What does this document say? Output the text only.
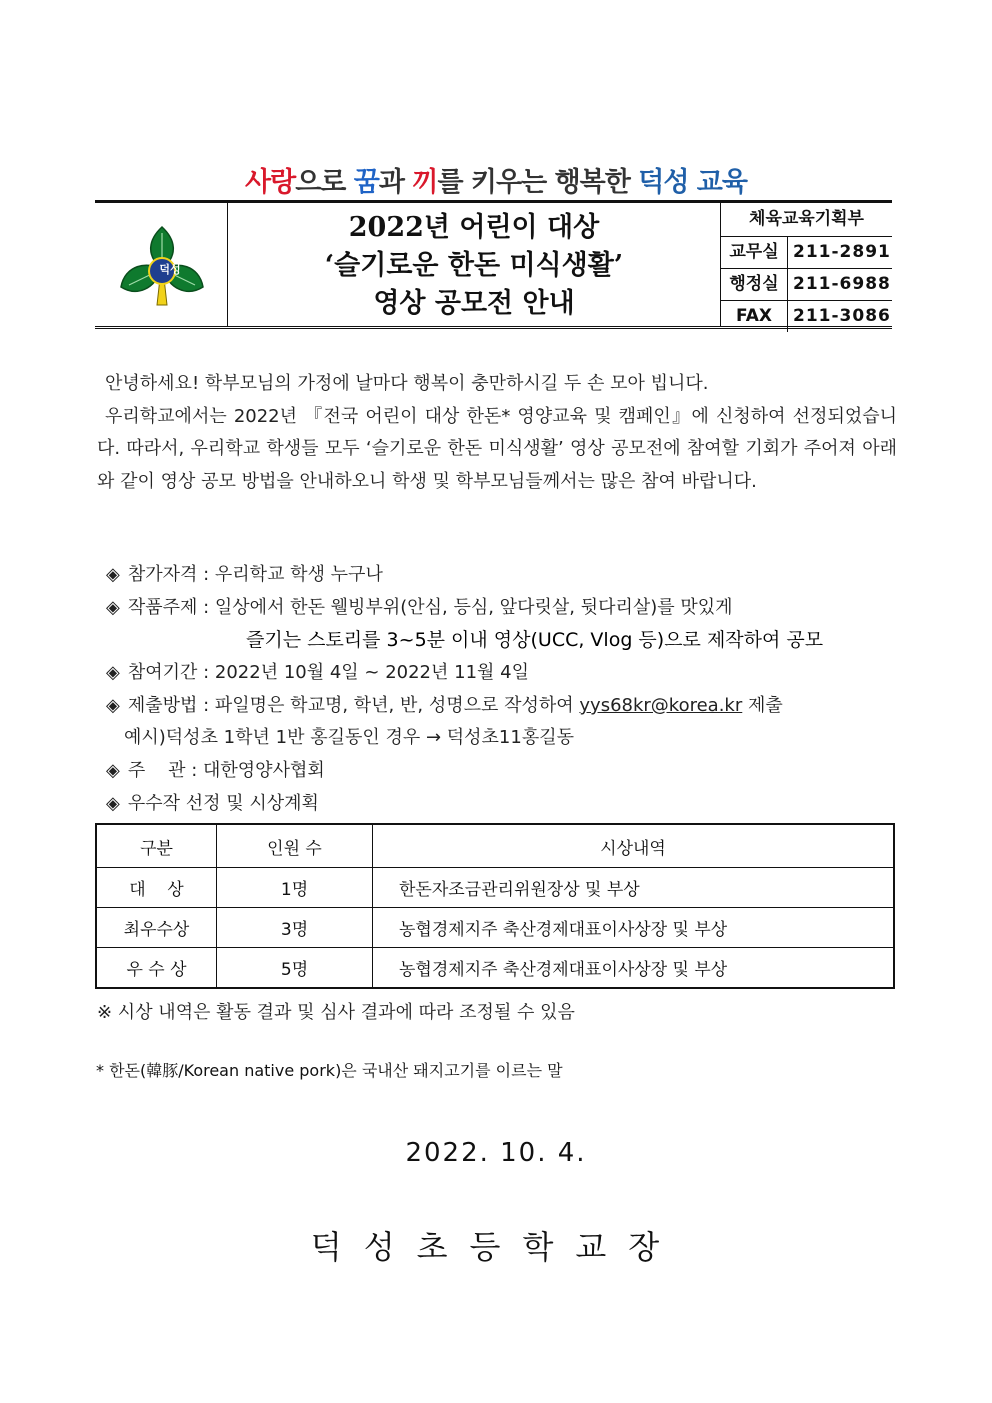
사랑으로 꿈과 끼를 키우는 행복한 덕성 교육
덕성
2022년 어린이 대상
‘슬기로운 한돈 미식생활’
영상 공모전 안내
체육교육기획부
교무실 211-2891
행정실 211-6988
FAX	211-3086

안녕하세요! 학부모님의 가정에 날마다 행복이 충만하시길 두 손 모아 빕니다.

우리학교에서는 2022년 『전국 어린이 대상 한돈* 영양교육 및 캠페인』에 신청하여 선정되었습니다. 따라서, 우리학교 학생들 모두 ‘슬기로운 한돈 미식생활’ 영상 공모전에 참여할 기회가 주어져 아래와 같이 영상 공모 방법을 안내하오니 학생 및 학부모님들께서는 많은 참여 바랍니다.

◈ 참가자격 : 우리학교 학생 누구나
◈ 작품주제 : 일상에서 한돈 웰빙부위(안심, 등심, 앞다릿살, 뒷다리살)를 맛있게
즐기는 스토리를 3~5분 이내 영상(UCC, Vlog 등)으로 제작하여 공모
◈ 참여기간 : 2022년 10월 4일 ~ 2022년 11월 4일
◈ 제출방법 : 파일명은 학교명, 학년, 반, 성명으로 작성하여 yys68kr@korea.kr 제출
예시)덕성초 1학년 1반 홍길동인 경우 → 덕성초11홍길동
◈ 주    관 : 대한영양사협회
◈ 우수작 선정 및 시상계획
구분	인원 수	시상내역
대    상	1명	한돈자조금관리위원장상 및 부상
최우수상	3명	농협경제지주 축산경제대표이사상장 및 부상
우 수 상	5명	농협경제지주 축산경제대표이사상장 및 부상
※ 시상 내역은 활동 결과 및 심사 결과에 따라 조정될 수 있음
* 한돈(韓豚/Korean native pork)은 국내산 돼지고기를 이르는 말
2022. 10. 4.
덕성초등학교장
